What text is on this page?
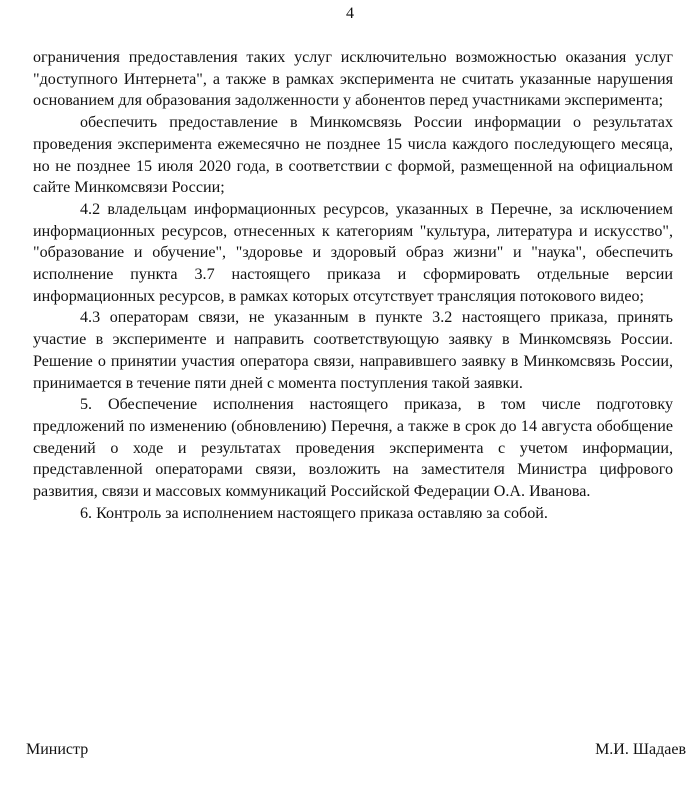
4

ограничения предоставления таких услуг исключительно возможностью оказания услуг "доступного Интернета", а также в рамках эксперимента не считать указанные нарушения основанием для образования задолженности у абонентов перед участниками эксперимента;

обеспечить предоставление в Минкомсвязь России информации о результатах проведения эксперимента ежемесячно не позднее 15 числа каждого последующего месяца, но не позднее 15 июля 2020 года, в соответствии с формой, размещенной на официальном сайте Минкомсвязи России;

4.2 владельцам информационных ресурсов, указанных в Перечне, за исключением информационных ресурсов, отнесенных к категориям "культура, литература и искусство", "образование и обучение", "здоровье и здоровый образ жизни" и "наука", обеспечить исполнение пункта 3.7 настоящего приказа и сформировать отдельные версии информационных ресурсов, в рамках которых отсутствует трансляция потокового видео;

4.3 операторам связи, не указанным в пункте 3.2 настоящего приказа, принять участие в эксперименте и направить соответствующую заявку в Минкомсвязь России. Решение о принятии участия оператора связи, направившего заявку в Минкомсвязь России, принимается в течение пяти дней с момента поступления такой заявки.

5. Обеспечение исполнения настоящего приказа, в том числе подготовку предложений по изменению (обновлению) Перечня, а также в срок до 14 августа обобщение сведений о ходе и результатах проведения эксперимента с учетом информации, представленной операторами связи, возложить на заместителя Министра цифрового развития, связи и массовых коммуникаций Российской Федерации О.А. Иванова.

6. Контроль за исполнением настоящего приказа оставляю за собой.

Министр	М.И. Шадаев
